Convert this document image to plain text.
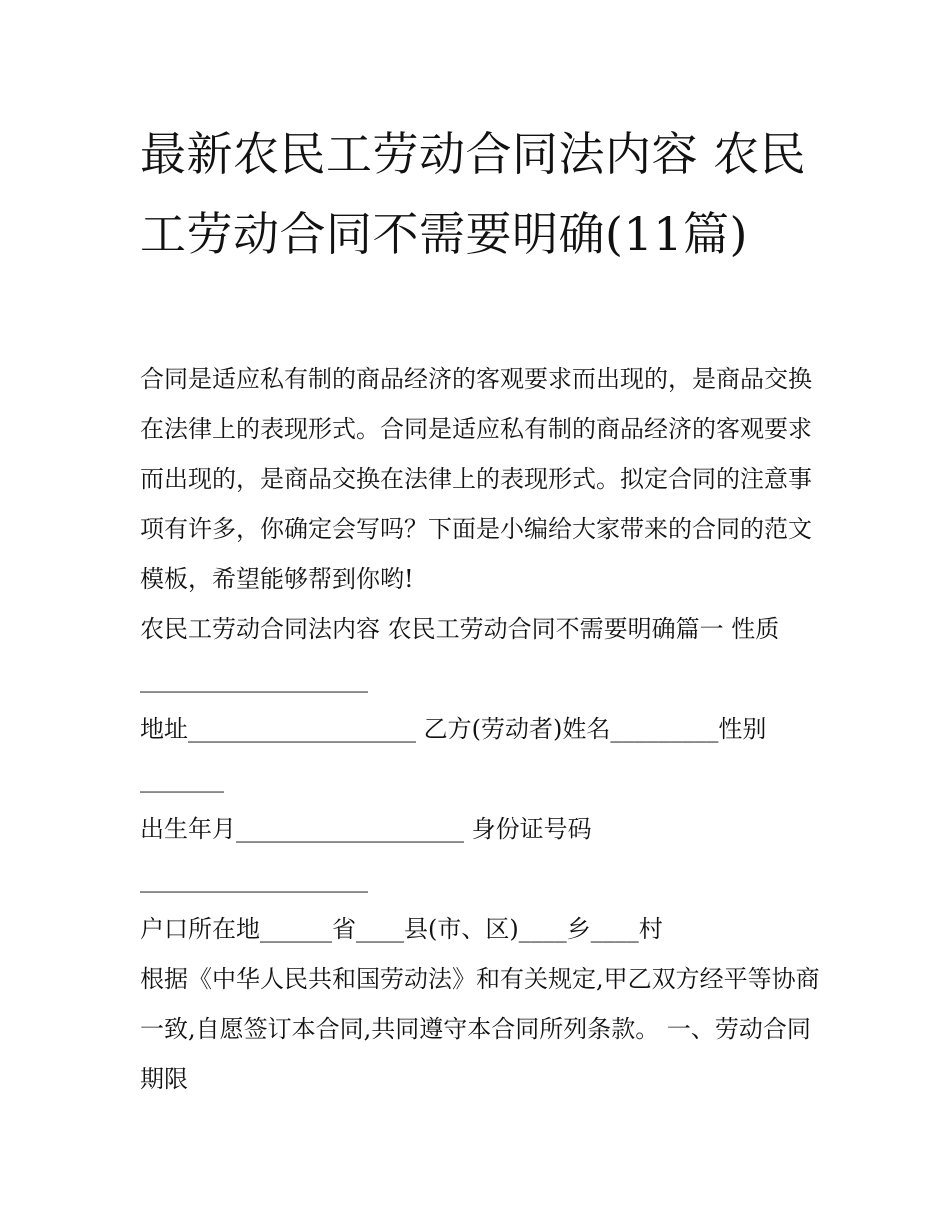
最新农民工劳动合同法内容 农民工劳动合同不需要明确(11篇)

合同是适应私有制的商品经济的客观要求而出现的，是商品交换在法律上的表现形式。合同是适应私有制的商品经济的客观要求而出现的，是商品交换在法律上的表现形式。拟定合同的注意事项有许多，你确定会写吗？下面是小编给大家带来的合同的范文模板，希望能够帮到你哟!

农民工劳动合同法内容 农民工劳动合同不需要明确篇一 性质

___________________
地址___________________ 乙方(劳动者)姓名_________性别
_______
出生年月___________________ 身份证号码
___________________
户口所在地______省____县(市、区)____乡____村

根据《中华人民共和国劳动法》和有关规定,甲乙双方经平等协商一致,自愿签订本合同,共同遵守本合同所列条款。 一、劳动合同期限
